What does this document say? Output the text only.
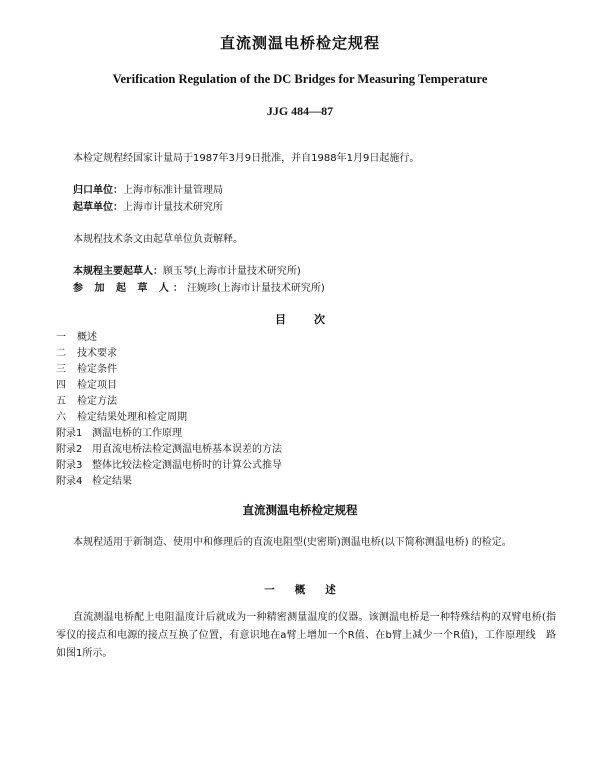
直流测温电桥检定规程
Verification Regulation of the DC Bridges for Measuring Temperature
JJG 484—87
本检定规程经国家计量局于1987年3月9日批准，并自1988年1月9日起施行。
归口单位：上海市标准计量管理局
起草单位：上海市计量技术研究所
本规程技术条文由起草单位负责解释。
本规程主要起草人：顾玉琴(上海市计量技术研究所)
参 加 起 草 人：汪婉珍(上海市计量技术研究所)
目	次
一 概述
二 技术要求
三 检定条件
四 检定项目
五 检定方法
六 检定结果处理和检定周期
附录1 测温电桥的工作原理
附录2 用直流电桥法检定测温电桥基本误差的方法
附录3 整体比较法检定测温电桥时的计算公式推导
附录4 检定结果
直流测温电桥检定规程
本规程适用于新制造、使用中和修理后的直流电阻型(史密斯)测温电桥(以下简称测温电桥) 的检定。
一 概 述
直流测温电桥配上电阻温度计后就成为一种精密测量温度的仪器。该测温电桥是一种特殊结构的双臂电桥(指零仪的接点和电源的接点互换了位置，有意识地在a臂上增加一个R值、在b臂上减少一个R值)，工作原理线　路如图1所示。
